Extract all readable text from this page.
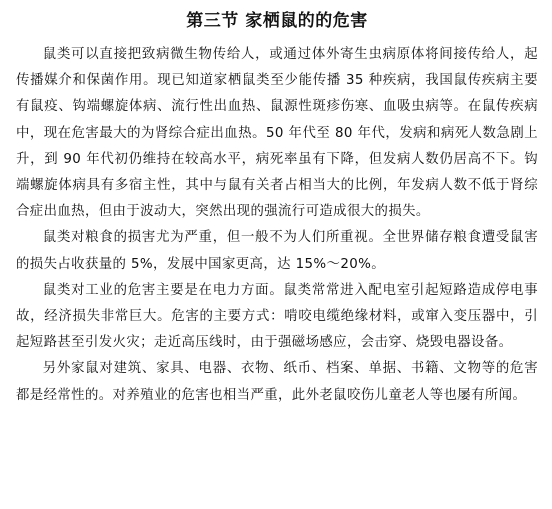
第三节 家栖鼠的的危害

鼠类可以直接把致病微生物传给人，或通过体外寄生虫病原体将间接传给人，起传播媒介和保菌作用。现已知道家栖鼠类至少能传播 35 种疾病，我国鼠传疾病主要有鼠疫、钩端螺旋体病、流行性出血热、鼠源性斑疹伤寒、血吸虫病等。在鼠传疾病中，现在危害最大的为肾综合症出血热。50 年代至 80 年代，发病和病死人数急剧上升，到 90 年代初仍维持在较高水平，病死率虽有下降，但发病人数仍居高不下。钩端螺旋体病具有多宿主性，其中与鼠有关者占相当大的比例，年发病人数不低于肾综合症出血热，但由于波动大，突然出现的强流行可造成很大的损失。

鼠类对粮食的损害尤为严重，但一般不为人们所重视。全世界储存粮食遭受鼠害的损失占收获量的 5%，发展中国家更高，达 15%～20%。

鼠类对工业的危害主要是在电力方面。鼠类常常进入配电室引起短路造成停电事故，经济损失非常巨大。危害的主要方式：啃咬电缆绝缘材料，或窜入变压器中，引起短路甚至引发火灾；走近高压线时，由于强磁场感应，会击穿、烧毁电器设备。

另外家鼠对建筑、家具、电器、衣物、纸币、档案、单据、书籍、文物等的危害都是经常性的。对养殖业的危害也相当严重，此外老鼠咬伤儿童老人等也屡有所闻。
